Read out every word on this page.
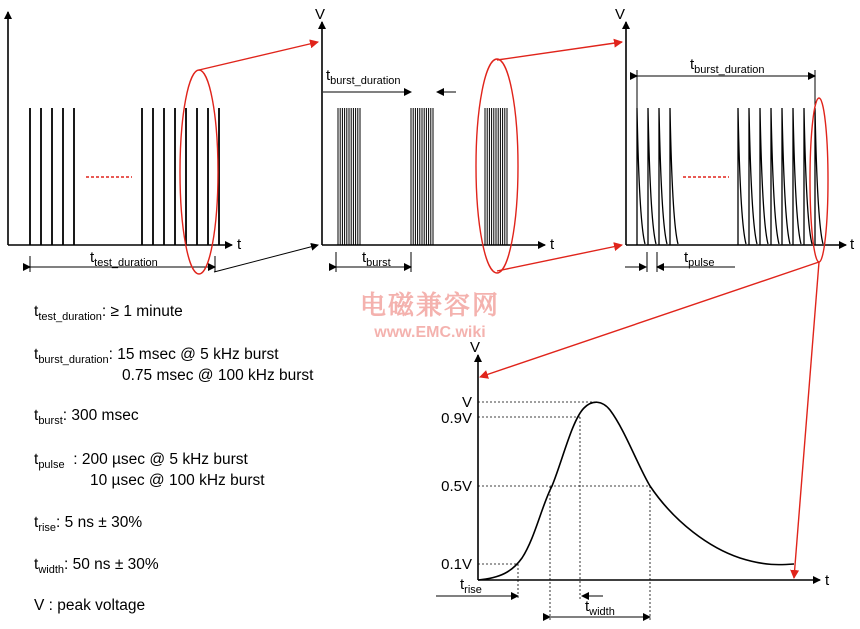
t
$t_{test\_duration}$
V
t
$t_{burst\_duration}$
$t_{burst}$
V
t
$t_{burst\_duration}$
$t_{pulse}$
V
t
V
0.9V
0.5V
0.1V
$t_{rise}$
$t_{width}$
电磁兼容网
www.EMC.wiki
$t_{test\_duration}$: ≥ 1 minute
$t_{burst\_duration}$: 15 msec @ 5 kHz burst
0.75 msec @ 100 kHz burst
$t_{burst}$: 300 msec
$t_{pulse}$  : 200 µsec @ 5 kHz burst
10 µsec @ 100 kHz burst
$t_{rise}$: 5 ns ± 30%
$t_{width}$: 50 ns ± 30%
V : peak voltage
